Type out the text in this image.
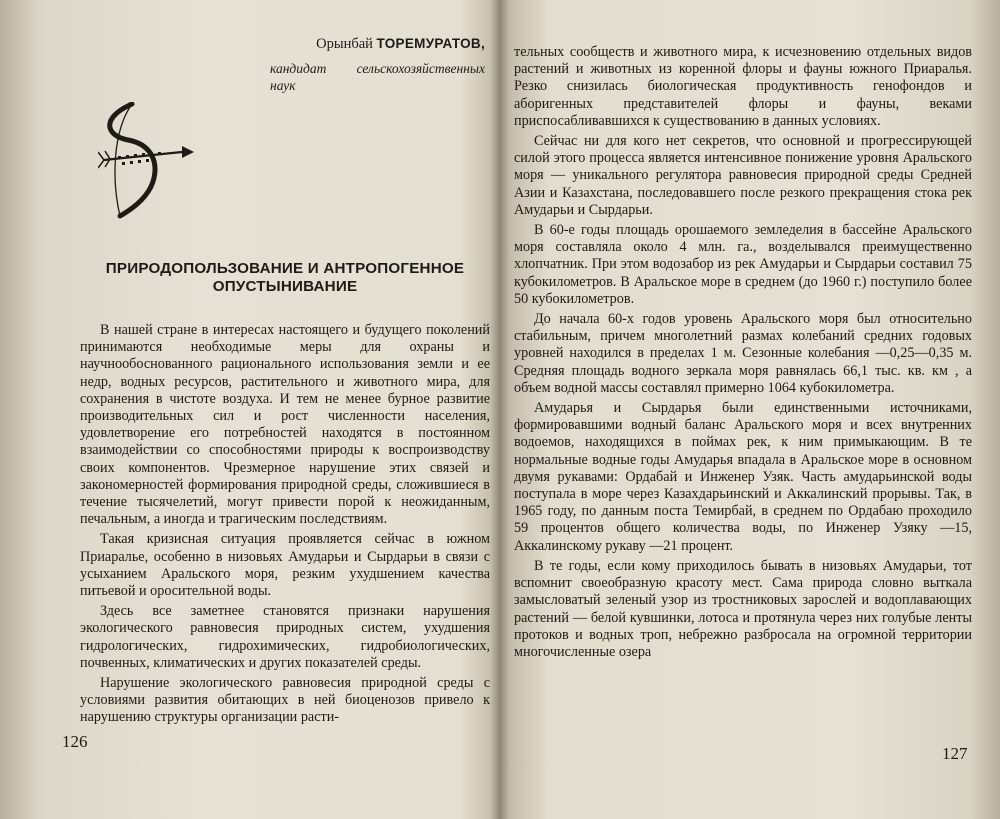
Орынбай ТОРЕМУРАТОВ,
кандидат сельскохозяйственных наук
ПРИРОДОПОЛЬЗОВАНИЕ И АНТРОПОГЕННОЕ ОПУСТЫНИВАНИЕ

В нашей стране в интересах настоящего и будущего поколений принимаются необходимые меры для охраны и научнообоснованного рационального использования земли и ее недр, водных ресурсов, растительного и животного мира, для сохранения в чистоте воздуха. И тем не менее бурное развитие производительных сил и рост численности населения, удовлетворение его потребностей находятся в постоянном взаимодействии со способностями природы к воспроизводству своих компонентов. Чрезмерное нарушение этих связей и закономерностей формирования природной среды, сложившиеся в течение тысячелетий, могут привести порой к неожиданным, печальным, а иногда и трагическим последствиям.

Такая кризисная ситуация проявляется сейчас в южном Приаралье, особенно в низовьях Амударьи и Сырдарьи в связи с усыханием Аральского моря, резким ухудшением качества питьевой и оросительной воды.

Здесь все заметнее становятся признаки нарушения экологического равновесия природных систем, ухудшения гидрологических, гидрохимических, гидробиологических, почвенных, климатических и других показателей среды.

Нарушение экологического равновесия природной среды с условиями развития обитающих в ней биоценозов привело к нарушению структуры организации расти-

126

тельных сообществ и животного мира, к исчезновению отдельных видов растений и животных из коренной флоры и фауны южного Приаралья. Резко снизилась биологическая продуктивность генофондов и аборигенных представителей флоры и фауны, веками приспосабливавшихся к существованию в данных условиях.

Сейчас ни для кого нет секретов, что основной и прогрессирующей силой этого процесса является интенсивное понижение уровня Аральского моря — уникального регулятора равновесия природной среды Средней Азии и Казахстана, последовавшего после резкого прекращения стока рек Амударьи и Сырдарьи.

В 60-е годы площадь орошаемого земледелия в бассейне Аральского моря составляла около 4 млн. га., возделывался преимущественно хлопчатник. При этом водозабор из рек Амударьи и Сырдарьи составил 75 кубокилометров. В Аральское море в среднем (до 1960 г.) поступило более 50 кубокилометров.

До начала 60-х годов уровень Аральского моря был относительно стабильным, причем многолетний размах колебаний средних годовых уровней находился в пределах 1 м. Сезонные колебания —0,25—0,35 м. Средняя площадь водного зеркала моря равнялась 66,1 тыс. кв. км , а объем водной массы составлял примерно 1064 кубокилометра.

Амударья и Сырдарья были единственными источниками, формировавшими водный баланс Аральского моря и всех внутренних водоемов, находящихся в поймах рек, к ним примыкающим. В те нормальные водные годы Амударья впадала в Аральское море в основном двумя рукавами: Ордабай и Инженер Узяк. Часть амударьинской воды поступала в море через Казахдарьинский и Аккалинский прорывы. Так, в 1965 году, по данным поста Темирбай, в среднем по Ордабаю проходило 59 процентов общего количества воды, по Инженер Узяку —15, Аккалинскому рукаву —21 процент.

В те годы, если кому приходилось бывать в низовьях Амударьи, тот вспомнит своеобразную красоту мест. Сама природа словно выткала замысловатый зеленый узор из тростниковых зарослей и водоплавающих растений — белой кувшинки, лотоса и протянула через них голубые ленты протоков и водных троп, небрежно разбросала на огромной территории многочисленные озера

127
